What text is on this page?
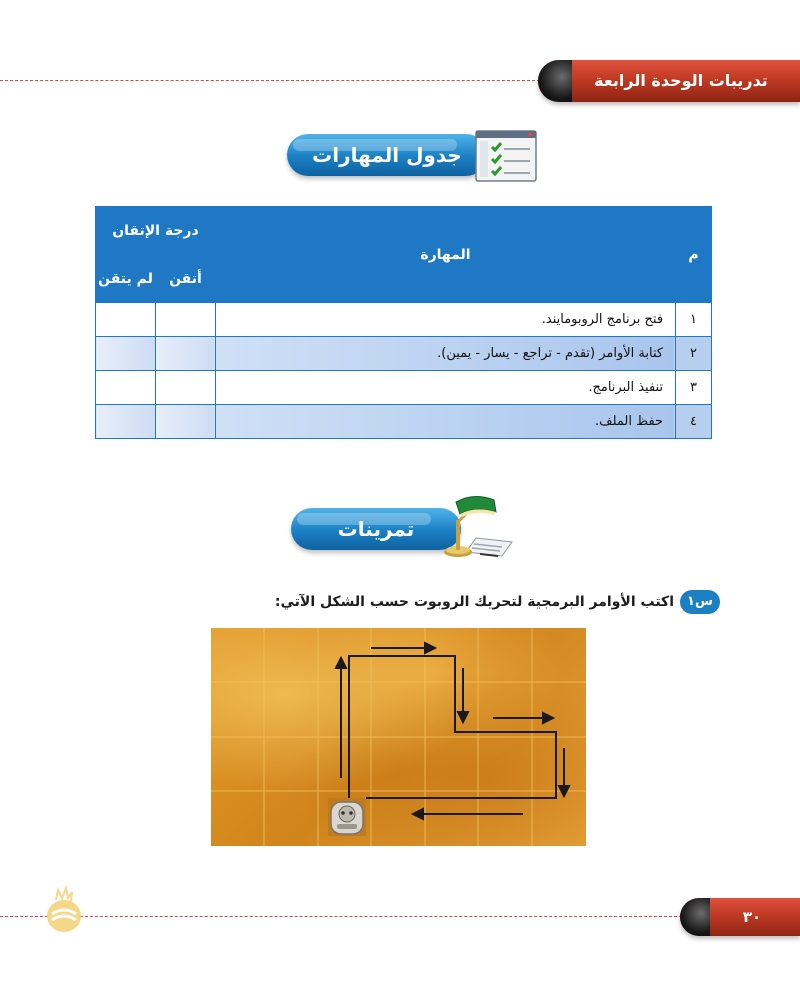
تدريبات الوحدة الرابعة
جدول المهارات
م	المهارة	درجة الإتقان	
		أتقن	لم يتقن
١	فتح برنامج الروبومايند.		
٢	كتابة الأوامر (تقدم - تراجع - يسار - يمين).		
٣	تنفيذ البرنامج.		
٤	حفظ الملف.		
تمرينات
س١
اكتب الأوامر البرمجية لتحريك الروبوت حسب الشكل الآتي:
٣٠
